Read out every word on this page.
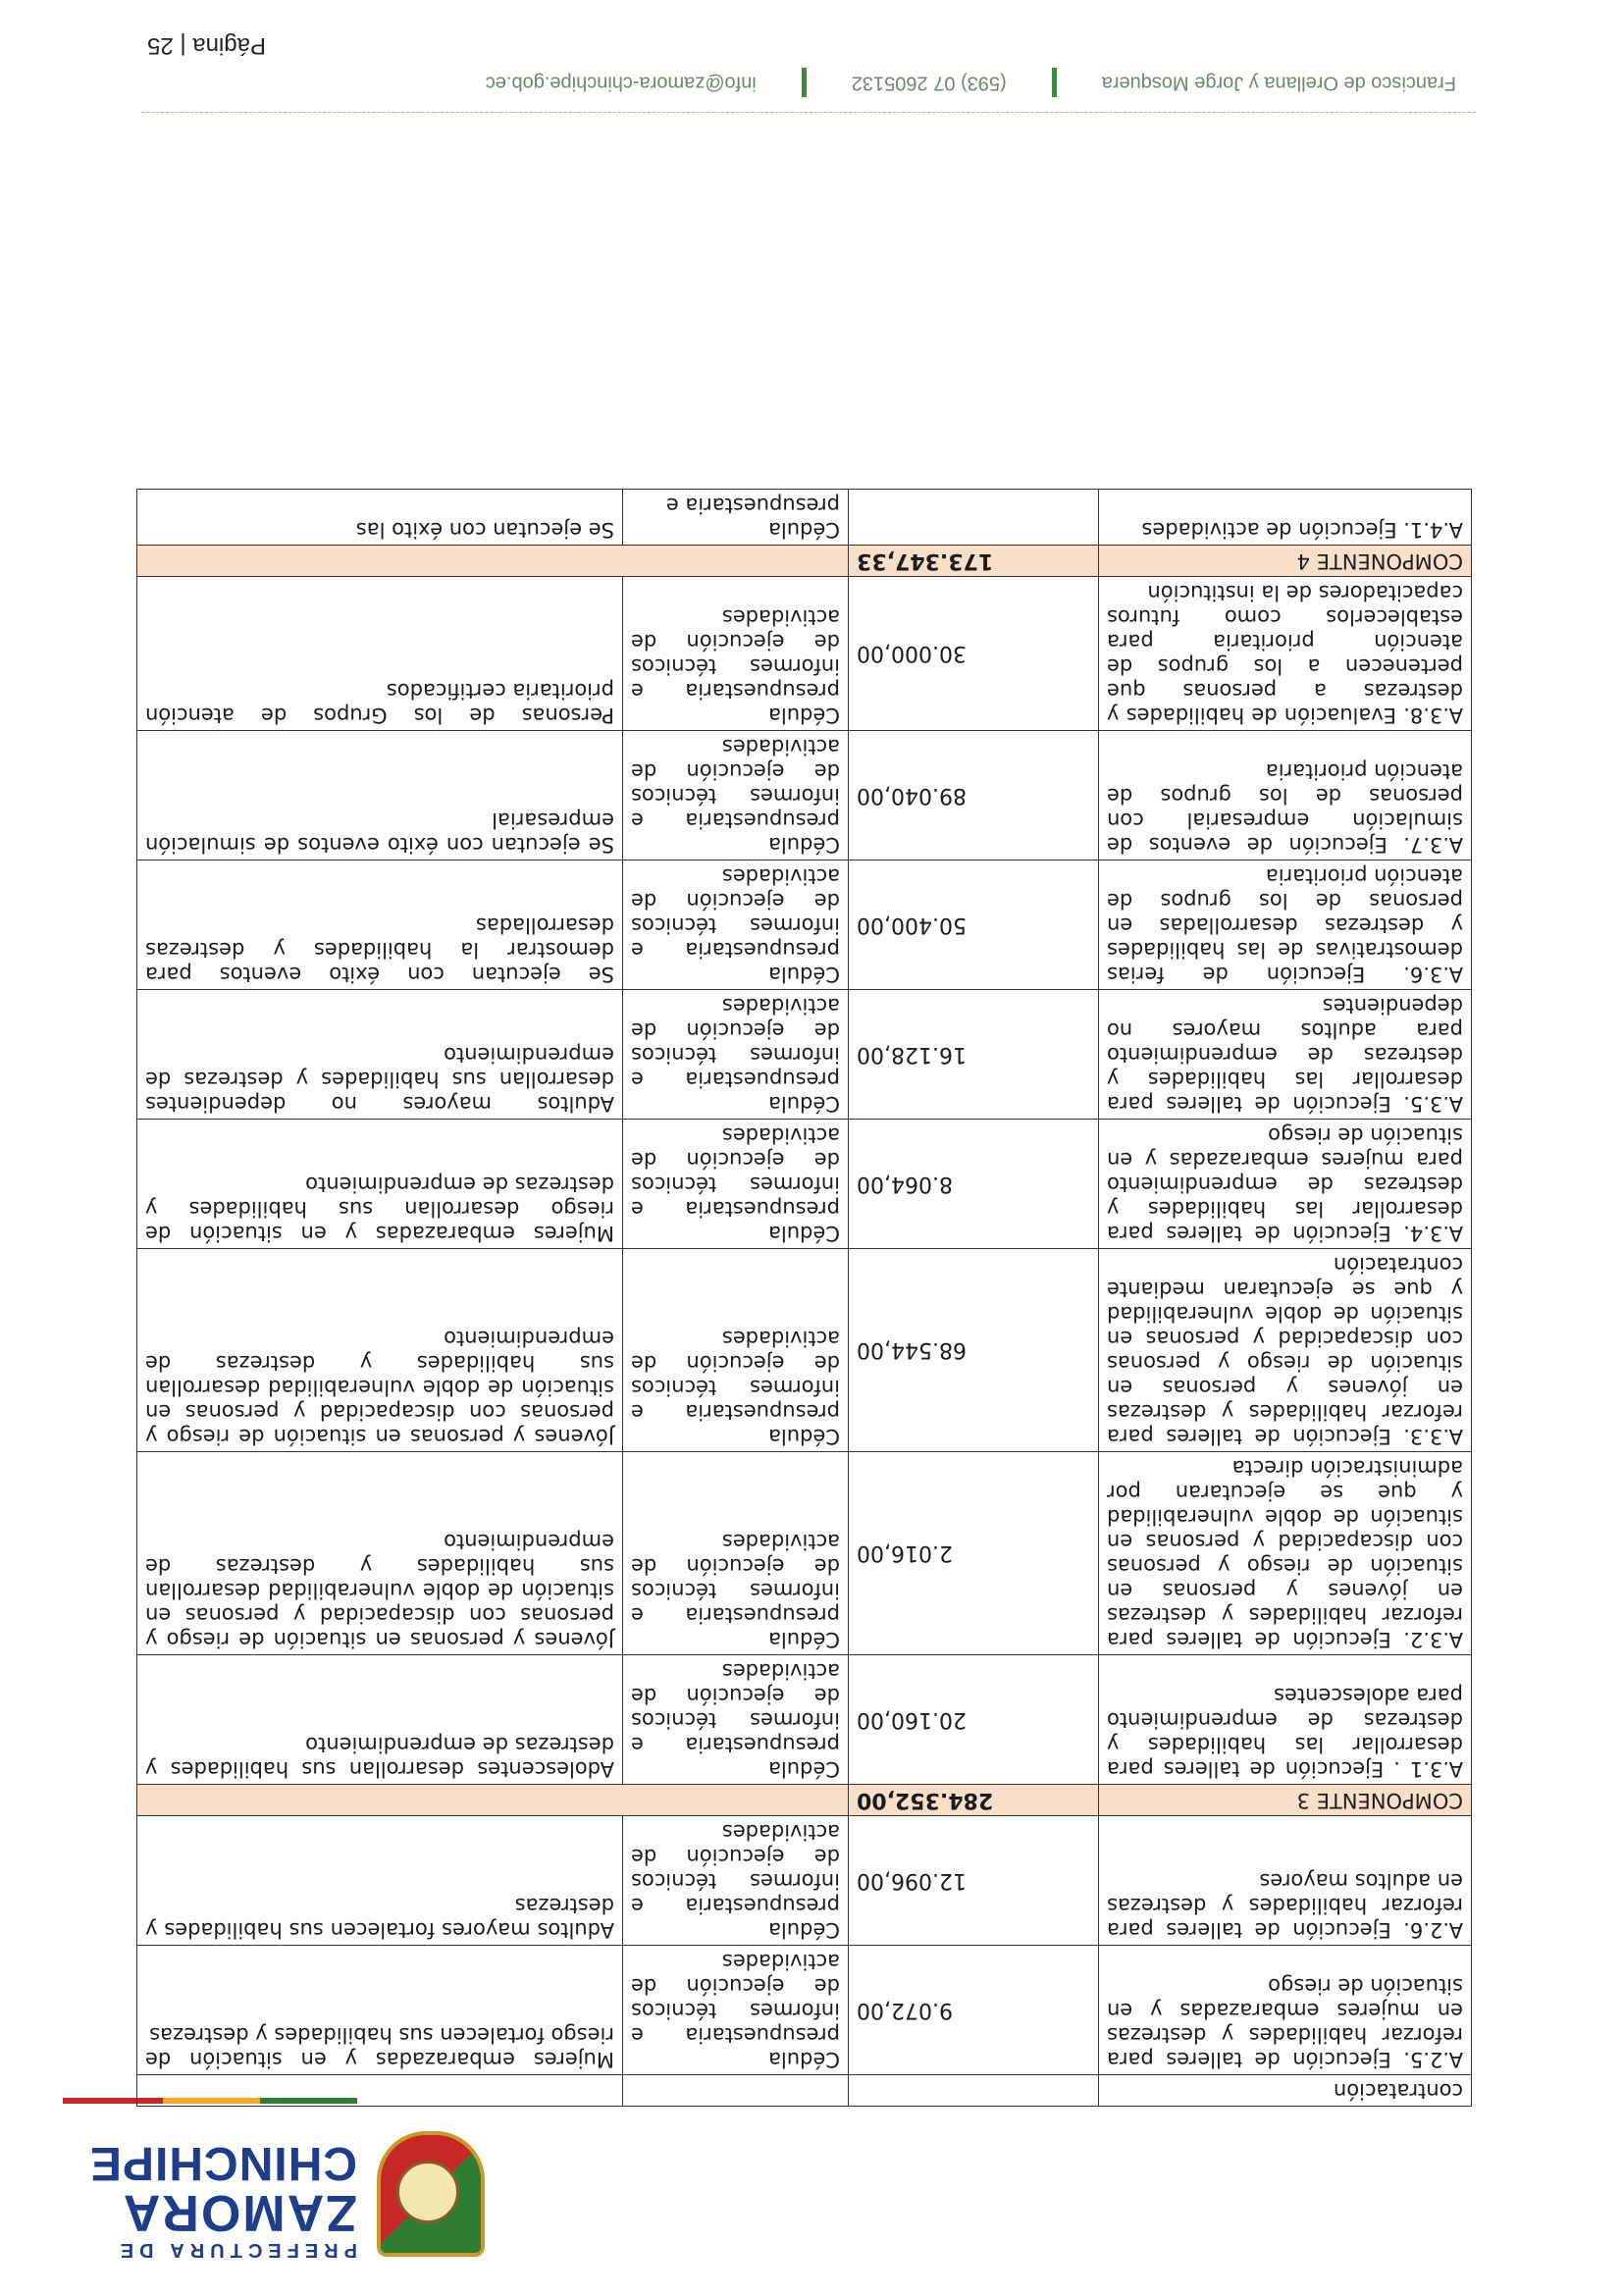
PREFECTURA DE
ZAMORA
CHINCHIPE
contratación			
A.2.5. Ejecución de talleres para reforzar habilidades y destrezas en mujeres embarazadas y en situación de riesgo	9.072,00	Cédula presupuestaria e informes técnicos de ejecución de actividades	Mujeres embarazadas y en situación de riesgo fortalecen sus habilidades y destrezas
A.2.6. Ejecución de talleres para reforzar habilidades y destrezas en adultos mayores	12.096,00	Cédula presupuestaria e informes técnicos de ejecución de actividades	Adultos mayores fortalecen sus habilidades y destrezas
COMPONENTE 3	284.352,00		
A.3.1 . Ejecución de talleres para desarrollar las habilidades y destrezas de emprendimiento para adolescentes	20.160,00	Cédula presupuestaria e informes técnicos de ejecución de actividades	Adolescentes desarrollan sus habilidades y destrezas de emprendimiento
A.3.2. Ejecución de talleres para reforzar habilidades y destrezas en jóvenes y personas en situación de riesgo y personas con discapacidad y personas en situación de doble vulnerabilidad y que se ejecutaran por administración directa	2.016,00	Cédula presupuestaria e informes técnicos de ejecución de actividades	Jóvenes y personas en situación de riesgo y personas con discapacidad y personas en situación de doble vulnerabilidad desarrollan sus habilidades y destrezas de emprendimiento
A.3.3. Ejecución de talleres para reforzar habilidades y destrezas en jóvenes y personas en situación de riesgo y personas con discapacidad y personas en situación de doble vulnerabilidad y que se ejecutaran mediante contratación	68.544,00	Cédula presupuestaria e informes técnicos de ejecución de actividades	Jóvenes y personas en situación de riesgo y personas con discapacidad y personas en situación de doble vulnerabilidad desarrollan sus habilidades y destrezas de emprendimiento
A.3.4. Ejecución de talleres para desarrollar las habilidades y destrezas de emprendimiento para mujeres embarazadas y en situación de riesgo	8.064,00	Cédula presupuestaria e informes técnicos de ejecución de actividades	Mujeres embarazadas y en situación de riesgo desarrollan sus habilidades y destrezas de emprendimiento
A.3.5. Ejecución de talleres para desarrollar las habilidades y destrezas de emprendimiento para adultos mayores no dependientes	16.128,00	Cédula presupuestaria e informes técnicos de ejecución de actividades	Adultos mayores no dependientes desarrollan sus habilidades y destrezas de emprendimiento
A.3.6. Ejecución de ferias demostrativas de las habilidades y destrezas desarrolladas en personas de los grupos de atención prioritaria	50.400,00	Cédula presupuestaria e informes técnicos de ejecución de actividades	Se ejecutan con éxito eventos para demostrar la habilidades y destrezas desarrolladas
A.3.7. Ejecución de eventos de simulación empresarial con personas de los grupos de atención prioritaria	89.040,00	Cédula presupuestaria e informes técnicos de ejecución de actividades	Se ejecutan con éxito eventos de simulación empresarial
A.3.8. Evaluación de habilidades y destrezas a personas que pertenecen a los grupos de atención prioritaria para establecerlos como futuros capacitadores de la institución	30.000,00	Cédula presupuestaria e informes técnicos de ejecución de actividades	Personas de los Grupos de atención prioritaria certificados
COMPONENTE 4	173.347,33		
A.4.1. Ejecución de actividades		Cédula presupuestaria e	Se ejecutan con éxito las
Francisco de Orellana y Jorge Mosquera(593) 07 2605132info@zamora-chinchipe.gob.ec
Página | 25
